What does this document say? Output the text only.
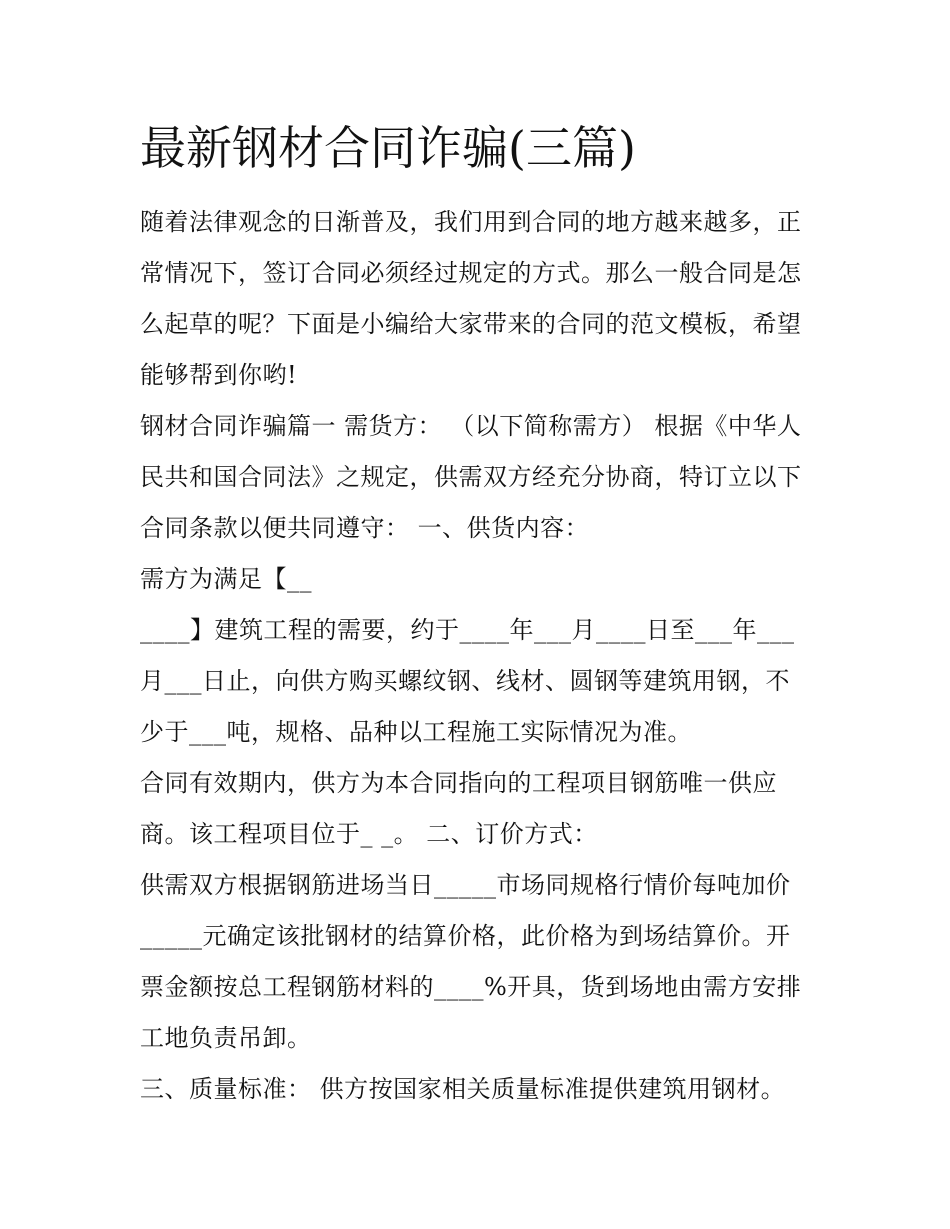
最新钢材合同诈骗(三篇)

随着法律观念的日渐普及，我们用到合同的地方越来越多，正

常情况下，签订合同必须经过规定的方式。那么一般合同是怎

么起草的呢？下面是小编给大家带来的合同的范文模板，希望

能够帮到你哟!

钢材合同诈骗篇一 需货方： （以下简称需方） 根据《中华人

民共和国合同法》之规定，供需双方经充分协商，特订立以下

合同条款以便共同遵守： 一、供货内容：

需方为满足【__

____】建筑工程的需要，约于____年___月____日至___年___

月___日止，向供方购买螺纹钢、线材、圆钢等建筑用钢，不

少于___吨，规格、品种以工程施工实际情况为准。

合同有效期内，供方为本合同指向的工程项目钢筋唯一供应

商。该工程项目位于_ _。 二、订价方式：

供需双方根据钢筋进场当日_____市场同规格行情价每吨加价

_____元确定该批钢材的结算价格，此价格为到场结算价。开

票金额按总工程钢筋材料的____%开具，货到场地由需方安排

工地负责吊卸。

三、质量标准： 供方按国家相关质量标准提供建筑用钢材。
